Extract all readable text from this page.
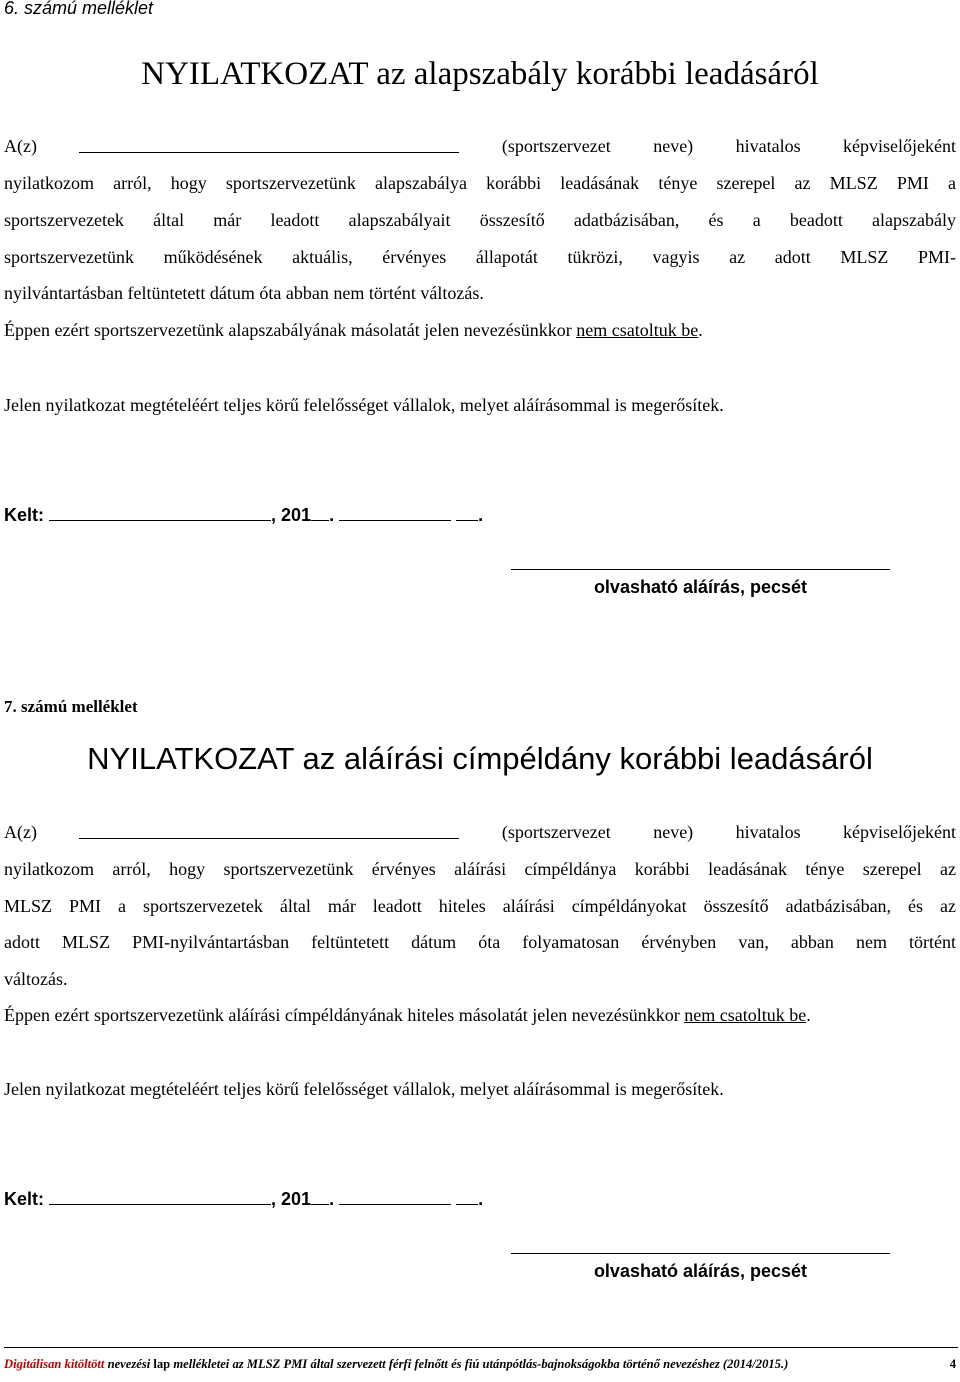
6. számú melléklet
NYILATKOZAT az alapszabály korábbi leadásáról
A(z)	(sportszervezet neve) hivatalos képviselőjeként
nyilatkozom arról, hogy sportszervezetünk alapszabálya korábbi leadásának ténye szerepel az MLSZ PMI a
sportszervezetek által már leadott alapszabályait összesítő adatbázisában, és a beadott alapszabály
sportszervezetünk működésének aktuális, érvényes állapotát tükrözi, vagyis az adott MLSZ PMI-
nyilvántartásban feltüntetett dátum óta abban nem történt változás.
Éppen ezért sportszervezetünk alapszabályának másolatát jelen nevezésünkkor nem csatoltuk be.
Jelen nyilatkozat megtételéért teljes körű felelősséget vállalok, melyet aláírásommal is megerősítek.
Kelt:	, 201 .	.
olvasható aláírás, pecsét
7. számú melléklet
NYILATKOZAT az aláírási címpéldány korábbi leadásáról
A(z)	(sportszervezet neve) hivatalos képviselőjeként
nyilatkozom arról, hogy sportszervezetünk érvényes aláírási címpéldánya korábbi leadásának ténye szerepel az
MLSZ PMI a sportszervezetek által már leadott hiteles aláírási címpéldányokat összesítő adatbázisában, és az
adott MLSZ PMI-nyilvántartásban feltüntetett dátum óta folyamatosan érvényben van, abban nem történt
változás.
Éppen ezért sportszervezetünk aláírási címpéldányának hiteles másolatát jelen nevezésünkkor nem csatoltuk be.
Jelen nyilatkozat megtételéért teljes körű felelősséget vállalok, melyet aláírásommal is megerősítek.
Kelt:	, 201 .	.
olvasható aláírás, pecsét
Digitálisan kitöltött nevezési lap mellékletei az MLSZ PMI által szervezett férfi felnőtt és fiú utánpótlás-bajnokságokba történő nevezéshez (2014/2015.)	4
